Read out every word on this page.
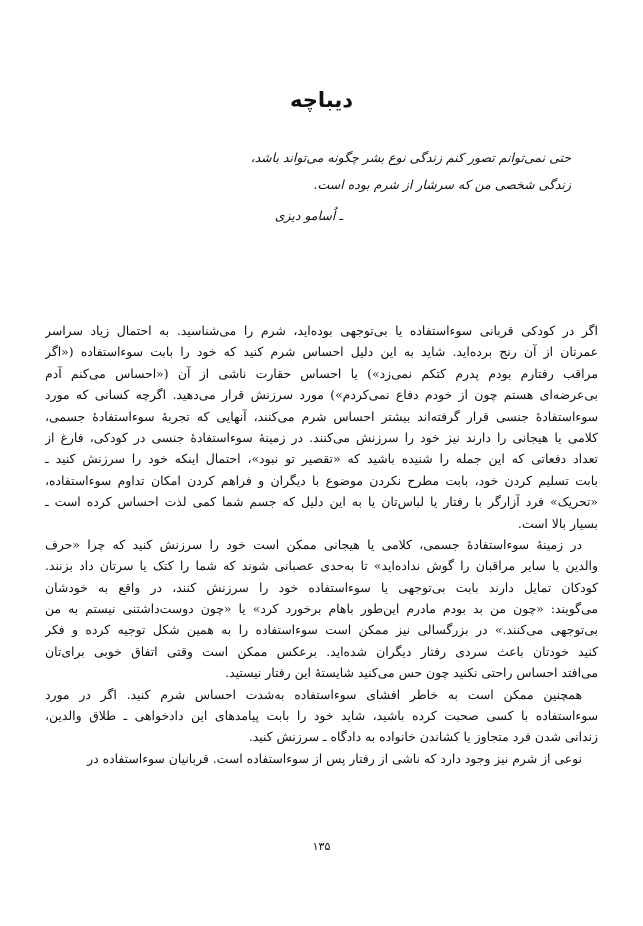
دیباچه
حتی نمی‌توانم تصور کنم زندگی نوع بشر چگونه می‌تواند باشد،
زندگی شخصی من که سرشار از شرم بوده است.
ـ اُسامو دیزی
اگر در کودکی قربانی سوءاستفاده یا بی‌توجهی بوده‌اید، شرم را می‌شناسید. به احتمال زیاد سراسر
عمرتان از آن رنج برده‌اید. شاید به این دلیل احساس شرم کنید که خود را بابت سوءاستفاده («اگر
مراقب رفتارم بودم پدرم کتکم نمی‌زد») یا احساس حقارت ناشی از آن («احساس می‌کنم آدم
بی‌عرضه‌ای هستم چون از خودم دفاع نمی‌کردم») مورد سرزنش قرار می‌دهید. اگرچه کسانی که مورد
سوءاستفادهٔ جنسی قرار گرفته‌اند بیشتر احساس شرم می‌کنند، آنهایی که تجربهٔ سوءاستفادهٔ جسمی،
کلامی یا هیجانی را دارند نیز خود را سرزنش می‌کنند. در زمینهٔ سوءاستفادهٔ جنسی در کودکی، فارغ از
تعداد دفعاتی که این جمله را شنیده باشید که «تقصیر تو نبود»، احتمال اینکه خود را سرزنش کنید ـ
بابت تسلیم کردن خود، بابت مطرح نکردن موضوع با دیگران و فراهم کردن امکان تداوم سوءاستفاده،
«تحریک» فرد آزارگر با رفتار یا لباس‌تان یا به این دلیل که جسم شما کمی لذت احساس کرده است ـ
بسیار بالا است.
در زمینهٔ سوءاستفادهٔ جسمی، کلامی یا هیجانی ممکن است خود را سرزنش کنید که چرا «حرف
والدین یا سایر مراقبان را گوش نداده‌اید» تا به‌حدی عصبانی شوند که شما را کتک یا سرتان داد بزنند.
کودکان تمایل دارند بابت بی‌توجهی یا سوءاستفاده خود را سرزنش کنند، در واقع به خودشان
می‌گویند: «چون من بد بودم مادرم این‌طور باهام برخورد کرد» یا «چون دوست‌داشتنی نیستم به من
بی‌توجهی می‌کنند.» در بزرگسالی نیز ممکن است سوءاستفاده را به همین شکل توجیه کرده و فکر
کنید خودتان باعث سردی رفتار دیگران شده‌اید. برعکس ممکن است وقتی اتفاق خوبی برای‌تان
می‌افتد احساس راحتی نکنید چون حس می‌کنید شایستهٔ این رفتار نیستید.
همچنین ممکن است به خاطر افشای سوءاستفاده به‌شدت احساس شرم کنید. اگر در مورد
سوءاستفاده با کسی صحبت کرده باشید، شاید خود را بابت پیامدهای این دادخواهی ـ طلاق والدین،
زندانی شدن فرد متجاوز یا کشاندن خانواده به دادگاه ـ سرزنش کنید.
نوعی از شرم نیز وجود دارد که ناشی از رفتار پس از سوءاستفاده است. قربانیان سوءاستفاده در
۱۳۵
